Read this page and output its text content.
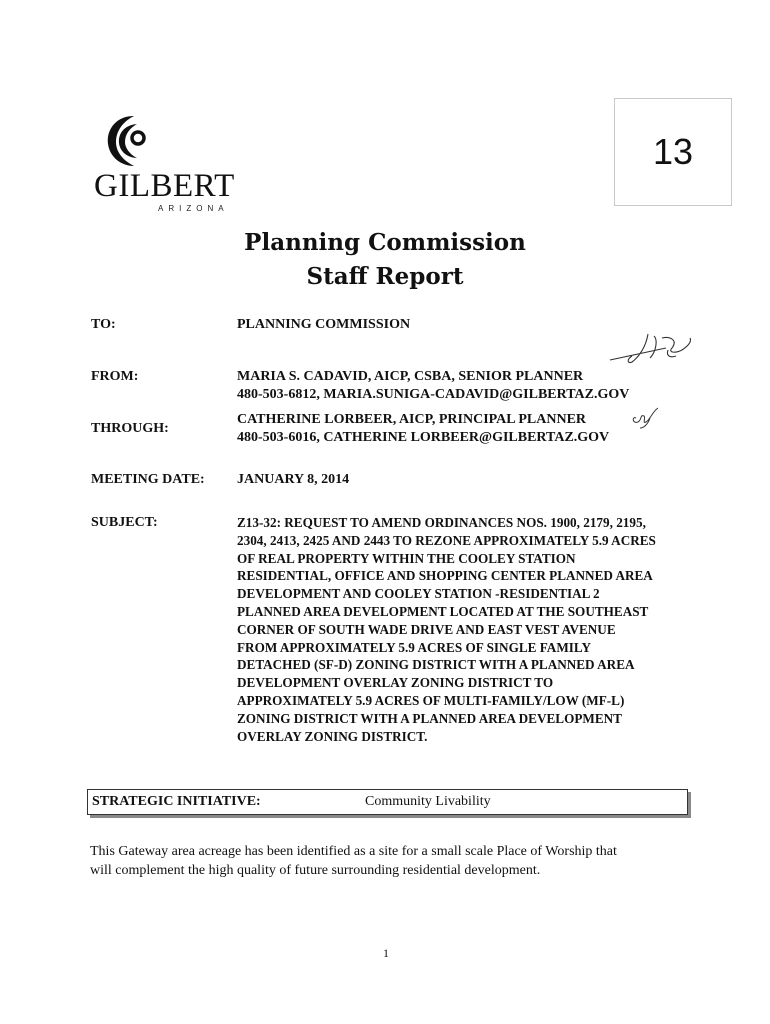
GILBERT
ARIZONA
13
Planning Commission
Staff Report
TO:	PLANNING COMMISSION
FROM:	MARIA S. CADAVID, AICP, CSBA, SENIOR PLANNER
480-503-6812, MARIA.SUNIGA-CADAVID@GILBERTAZ.GOV
THROUGH:
CATHERINE LORBEER, AICP, PRINCIPAL PLANNER
480-503-6016, CATHERINE LORBEER@GILBERTAZ.GOV
MEETING DATE: JANUARY 8, 2014
SUBJECT:	Z13-32: REQUEST TO AMEND ORDINANCES NOS. 1900, 2179, 2195,
2304, 2413, 2425 AND 2443 TO REZONE APPROXIMATELY 5.9 ACRES
OF REAL PROPERTY WITHIN THE COOLEY STATION
RESIDENTIAL, OFFICE AND SHOPPING CENTER PLANNED AREA
DEVELOPMENT AND COOLEY STATION -RESIDENTIAL 2
PLANNED AREA DEVELOPMENT LOCATED AT THE SOUTHEAST
CORNER OF SOUTH WADE DRIVE AND EAST VEST AVENUE
FROM APPROXIMATELY 5.9 ACRES OF SINGLE FAMILY
DETACHED (SF-D) ZONING DISTRICT WITH A PLANNED AREA
DEVELOPMENT OVERLAY ZONING DISTRICT TO
APPROXIMATELY 5.9 ACRES OF MULTI-FAMILY/LOW (MF-L)
ZONING DISTRICT WITH A PLANNED AREA DEVELOPMENT
OVERLAY ZONING DISTRICT.
STRATEGIC INITIATIVE:	Community Livability
This Gateway area acreage has been identified as a site for a small scale Place of Worship that
will complement the high quality of future surrounding residential development.
1
